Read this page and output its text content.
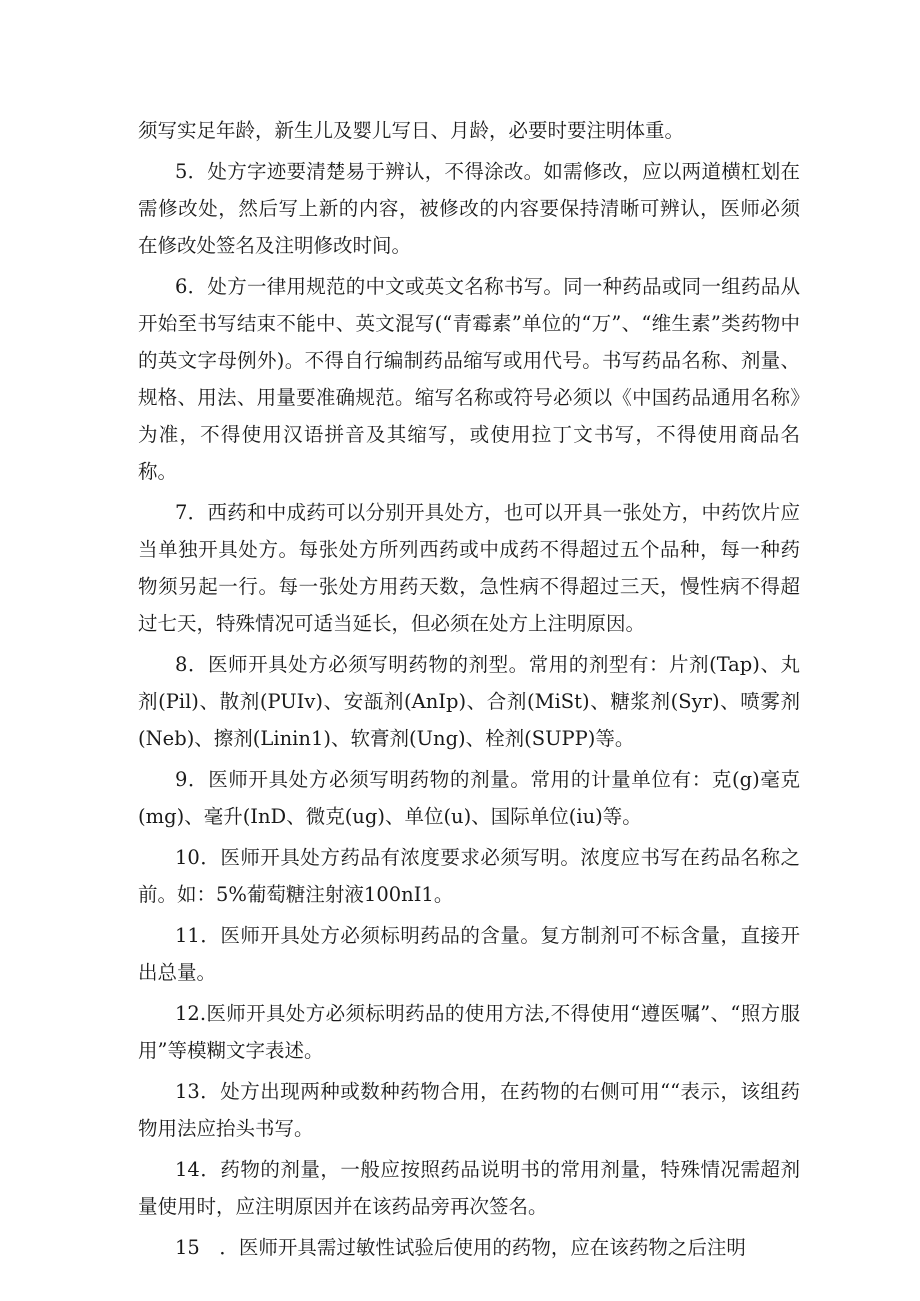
须写实足年龄，新生儿及婴儿写日、月龄，必要时要注明体重。

5．处方字迹要清楚易于辨认，不得涂改。如需修改，应以两道横杠划在需修改处，然后写上新的内容，被修改的内容要保持清晰可辨认，医师必须在修改处签名及注明修改时间。

6．处方一律用规范的中文或英文名称书写。同一种药品或同一组药品从开始至书写结束不能中、英文混写(“青霉素”单位的“万”、“维生素”类药物中的英文字母例外)。不得自行编制药品缩写或用代号。书写药品名称、剂量、规格、用法、用量要准确规范。缩写名称或符号必须以《中国药品通用名称》为准，不得使用汉语拼音及其缩写，或使用拉丁文书写，不得使用商品名称。

7．西药和中成药可以分别开具处方，也可以开具一张处方，中药饮片应当单独开具处方。每张处方所列西药或中成药不得超过五个品种，每一种药物须另起一行。每一张处方用药天数，急性病不得超过三天，慢性病不得超过七天，特殊情况可适当延长，但必须在处方上注明原因。

8．医师开具处方必须写明药物的剂型。常用的剂型有：片剂(Tap)、丸剂(Pil)、散剂(PUIv)、安瓿剂(AnIp)、合剂(MiSt)、糖浆剂(Syr)、喷雾剂(Neb)、擦剂(Linin1)、软膏剂(Ung)、栓剂(SUPP)等。

9．医师开具处方必须写明药物的剂量。常用的计量单位有：克(g)毫克(mg)、毫升(InD、微克(ug)、单位(u)、国际单位(iu)等。

10．医师开具处方药品有浓度要求必须写明。浓度应书写在药品名称之前。如：5%葡萄糖注射液100nI1。

11．医师开具处方必须标明药品的含量。复方制剂可不标含量，直接开出总量。

12.医师开具处方必须标明药品的使用方法,不得使用“遵医嘱”、“照方服用”等模糊文字表述。

13．处方出现两种或数种药物合用，在药物的右侧可用““表示，该组药物用法应抬头书写。

14．药物的剂量，一般应按照药品说明书的常用剂量，特殊情况需超剂量使用时，应注明原因并在该药品旁再次签名。

15　．医师开具需过敏性试验后使用的药物，应在该药物之后注明
